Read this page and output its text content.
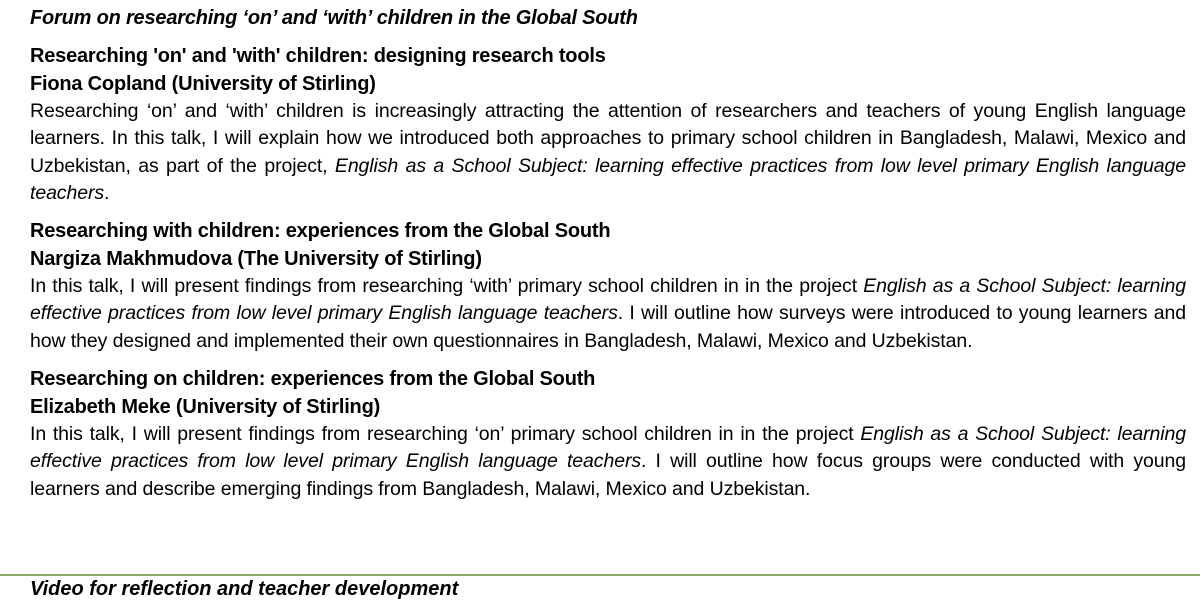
Forum on researching ‘on’ and ‘with’ children in the Global South
Researching 'on' and 'with' children: designing research tools
Fiona Copland (University of Stirling)
Researching ‘on’ and ‘with’ children is increasingly attracting the attention of researchers and teachers of young English language learners. In this talk, I will explain how we introduced both approaches to primary school children in Bangladesh, Malawi, Mexico and Uzbekistan, as part of the project, English as a School Subject: learning effective practices from low level primary English language teachers.
Researching with children: experiences from the Global South
Nargiza Makhmudova (The University of Stirling)
In this talk, I will present findings from researching ‘with’ primary school children in in the project English as a School Subject: learning effective practices from low level primary English language teachers. I will outline how surveys were introduced to young learners and how they designed and implemented their own questionnaires in Bangladesh, Malawi, Mexico and Uzbekistan.
Researching on children: experiences from the Global South
Elizabeth Meke (University of Stirling)
In this talk, I will present findings from researching ‘on’ primary school children in in the project English as a School Subject: learning effective practices from low level primary English language teachers. I will outline how focus groups were conducted with young learners and describe emerging findings from Bangladesh, Malawi, Mexico and Uzbekistan.
Video for reflection and teacher development
